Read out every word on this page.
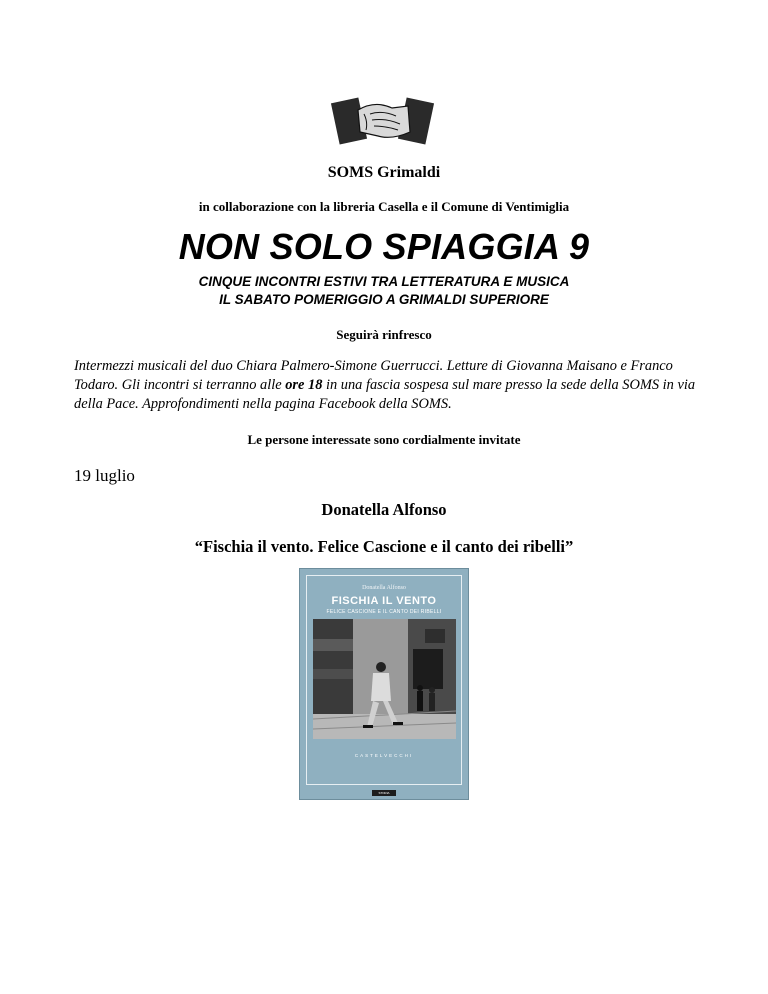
SOMS Grimaldi
in collaborazione con la libreria Casella e il Comune di Ventimiglia
NON SOLO SPIAGGIA 9
CINQUE INCONTRI ESTIVI TRA LETTERATURA E MUSICA
IL SABATO POMERIGGIO A GRIMALDI SUPERIORE
Seguirà rinfresco
Intermezzi musicali del duo Chiara Palmero-Simone Guerrucci. Letture di Giovanna Maisano e Franco Todaro. Gli incontri si terranno alle ore 18 in una fascia sospesa sul mare presso la sede della SOMS in via della Pace. Approfondimenti nella pagina Facebook della SOMS.
Le persone interessate sono cordialmente invitate
19 luglio
Donatella Alfonso
“Fischia il vento. Felice Cascione e il canto dei ribelli”
Donatella Alfonso
FISCHIA IL VENTO
FELICE CASCIONE E IL CANTO DEI RIBELLI
CASTELVECCHI
STORIA
